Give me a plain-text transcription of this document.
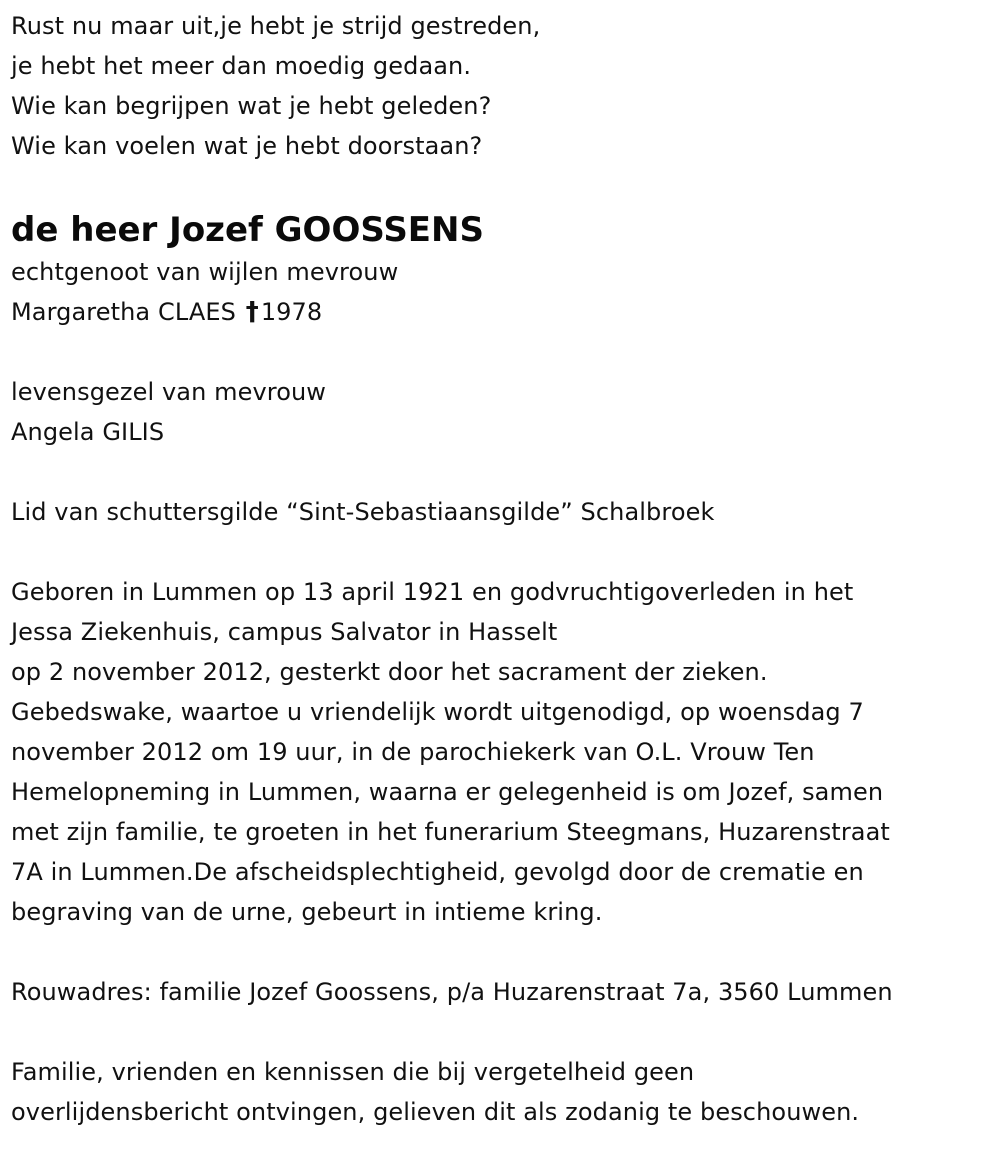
Rust nu maar uit,je hebt je strijd gestreden,
je hebt het meer dan moedig gedaan.
Wie kan begrijpen wat je hebt geleden?
Wie kan voelen wat je hebt doorstaan?
de heer Jozef GOOSSENS
echtgenoot van wijlen mevrouw
Margaretha CLAES †1978
levensgezel van mevrouw
Angela GILIS
Lid van schuttersgilde “Sint-Sebastiaansgilde” Schalbroek
Geboren in Lummen op 13 april 1921 en godvruchtigoverleden in het
Jessa Ziekenhuis, campus Salvator in Hasselt
op 2 november 2012, gesterkt door het sacrament der zieken.
Gebedswake, waartoe u vriendelijk wordt uitgenodigd, op woensdag 7
november 2012 om 19 uur, in de parochiekerk van O.L. Vrouw Ten
Hemelopneming in Lummen, waarna er gelegenheid is om Jozef, samen
met zijn familie, te groeten in het funerarium Steegmans, Huzarenstraat
7A in Lummen.De afscheidsplechtigheid, gevolgd door de crematie en
begraving van de urne, gebeurt in intieme kring.
Rouwadres: familie Jozef Goossens, p/a Huzarenstraat 7a, 3560 Lummen
Familie, vrienden en kennissen die bij vergetelheid geen
overlijdensbericht ontvingen, gelieven dit als zodanig te beschouwen.
